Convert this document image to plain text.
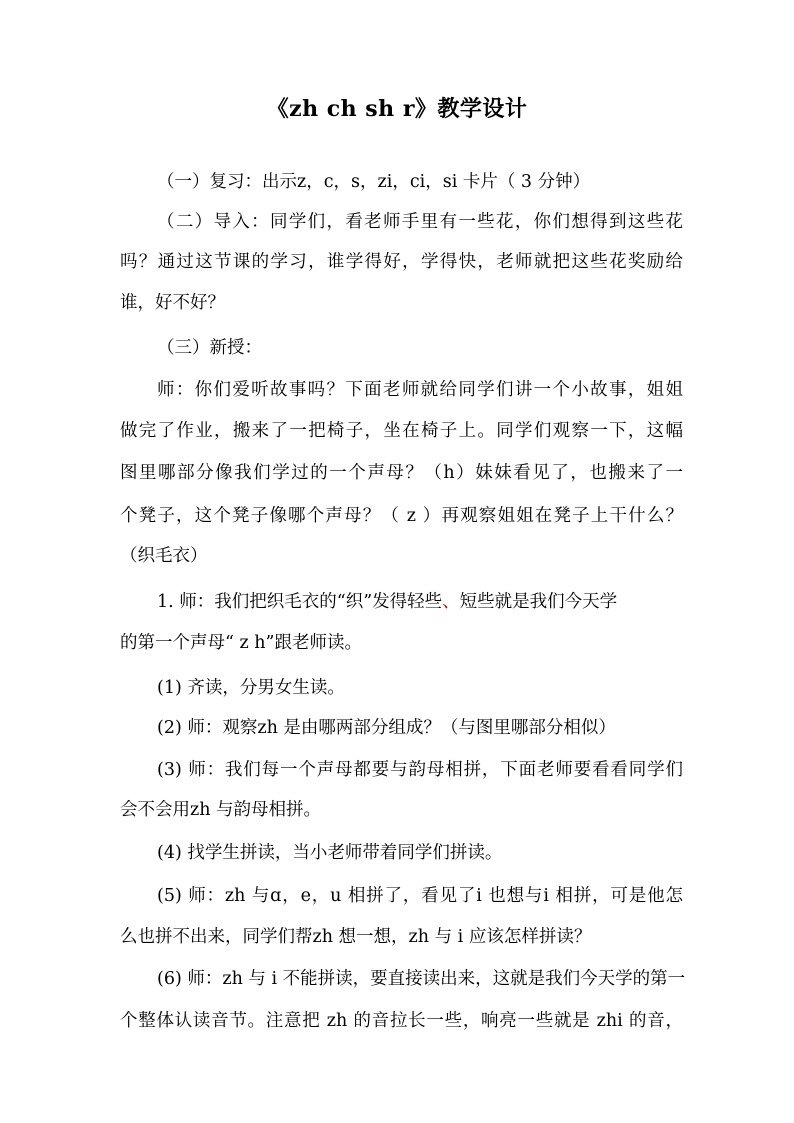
《zh ch sh r》教学设计
（一）复习：出示z，c，s，zi，ci，si 卡片（ 3 分钟）
（二）导入：同学们，看老师手里有一些花，你们想得到这些花
吗？通过这节课的学习，谁学得好，学得快，老师就把这些花奖励给
谁，好不好？
（三）新授：
师：你们爱听故事吗？下面老师就给同学们讲一个小故事，姐姐
做完了作业，搬来了一把椅子，坐在椅子上。同学们观察一下，这幅
图里哪部分像我们学过的一个声母？（h）妹妹看见了，也搬来了一
个凳子，这个凳子像哪个声母？（ z ）再观察姐姐在凳子上干什么？
（织毛衣）
1. 师：我们把织毛衣的“织”发得轻些、短些就是我们今天学
的第一个声母“ z h”跟老师读。
(1) 齐读，分男女生读。
(2) 师：观察zh 是由哪两部分组成？（与图里哪部分相似）
(3) 师：我们每一个声母都要与韵母相拼，下面老师要看看同学们
会不会用zh 与韵母相拼。
(4) 找学生拼读，当小老师带着同学们拼读。
(5) 师：zh 与ɑ，e，u 相拼了，看见了i 也想与i 相拼，可是他怎
么也拼不出来，同学们帮zh 想一想，zh 与 i 应该怎样拼读？
(6) 师：zh 与 i 不能拼读，要直接读出来，这就是我们今天学的第一
个整体认读音节。注意把 zh 的音拉长一些，响亮一些就是 zhi 的音，
